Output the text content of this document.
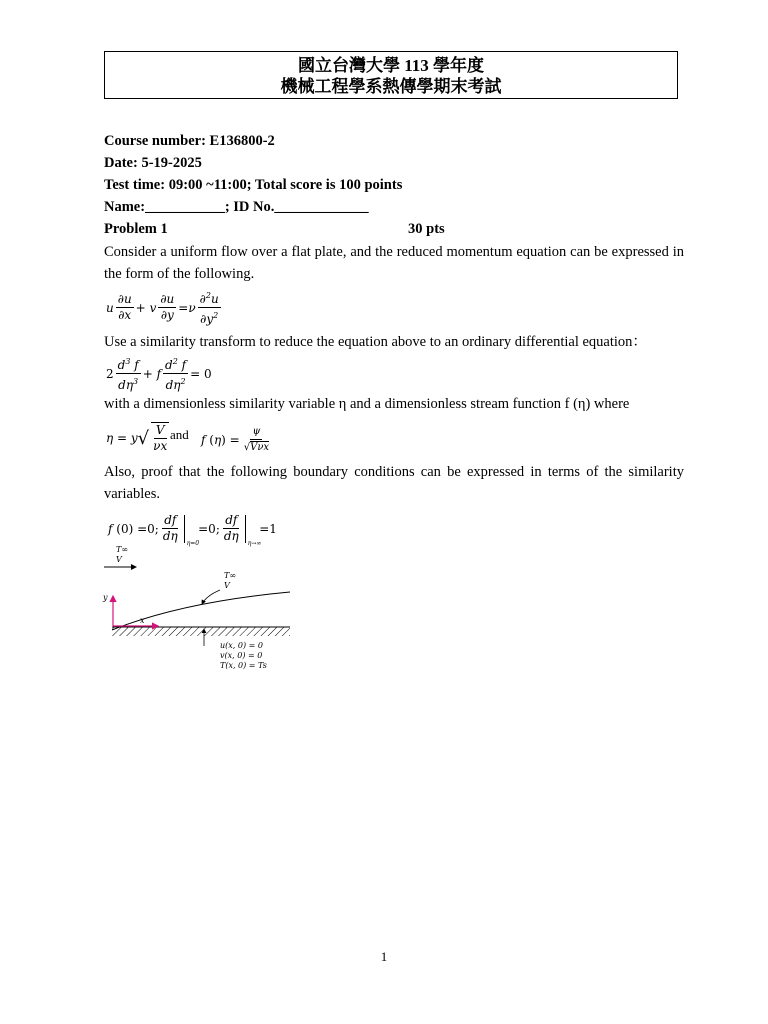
國立台灣大學 113 學年度
機械工程學系熱傳學期末考試
Course number: E136800-2
Date: 5-19-2025
Test time: 09:00 ~11:00; Total score is 100 points
Name:___________; ID No._____________
Problem 1	30 pts
Consider a uniform flow over a flat plate, and the reduced momentum equation can be expressed in the form of the following.
u $\frac{\partial u}{\partial x}$ +
v $\frac{\partial u}{\partial y} = \nu \frac{\partial^2u}{\partial y^2}$
Use a similarity transform to reduce the equation above to an ordinary differential equation：
$2 \frac{d^3 f}{d\eta^3}$ +
f $\frac{d^2 f}{d\eta^2} = 0$
with a dimensionless similarity variable η and a dimensionless stream function f (η) where
η = y √ $\frac{V}{\nu x}$ and f ( η ) = $\frac{\psi}{\text{√Vνx}}$
Also, proof that the following boundary conditions can be expressed in terms of the similarity variables.
f (0) =0; $\frac{df}{d\eta} \eta=0$
=0; $\frac{df}{d\eta} \eta\to\infty$
=1
T∞
V
T∞
V
y
x
u(x, 0) = 0
v(x, 0) = 0
T(x, 0) = Ts
1
